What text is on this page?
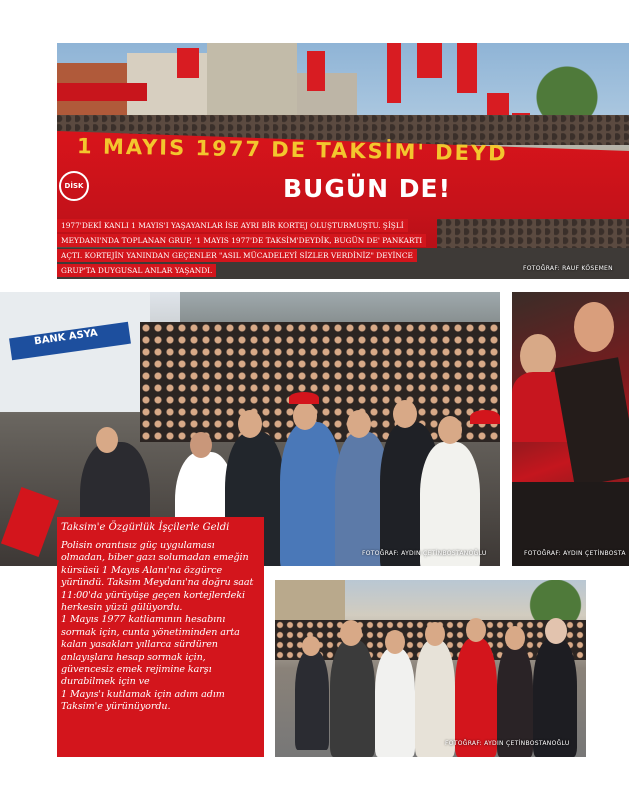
DİSK
1 MAYIS 1977 DE TAKSİM' DEYD
BUGÜN DE!
FOTOĞRAF: RAUF KÖSEMEN
1977'DEKİ KANLI 1 MAYIS'I YAŞAYANLAR İSE AYRI BİR KORTEJ OLUŞTURMUŞTU. ŞİŞLİ MEYDANI'NDA TOPLANAN GRUP, '1 MAYIS 1977'DE TAKSİM'DEYDİK, BUGÜN DE' PANKARTI AÇTI. KORTEJİN YANINDAN GEÇENLER "ASIL MÜCADELEYİ SİZLER VERDİNİZ" DEYİNCE GRUP'TA DUYGUSAL ANLAR YAŞANDI.
BANK ASYA
FOTOĞRAF: AYDIN ÇETİNBOSTANOĞLU	FOTOĞRAF: AYDIN ÇETİNBOSTA

Taksim'e Özgürlük İşçilerle Geldi

Polisin orantısız güç uygulaması olmadan, biber gazı solumadan emeğin kürsüsü 1 Mayıs Alanı'na özgürce yüründü. Taksim Meydanı'na doğru saat 11:00'da yürüyüşe geçen kortejlerdeki herkesin yüzü gülüyordu.
1 Mayıs 1977 katliamının hesabını sormak için, cunta yönetiminden arta kalan yasakları yıllarca sürdüren anlayışlara hesap sormak için, güvencesiz emek rejimine karşı durabilmek için ve
1 Mayıs'ı kutlamak için adım adım Taksim'e yürünüyordu.

FOTOĞRAF: AYDIN ÇETİNBOSTANOĞLU
